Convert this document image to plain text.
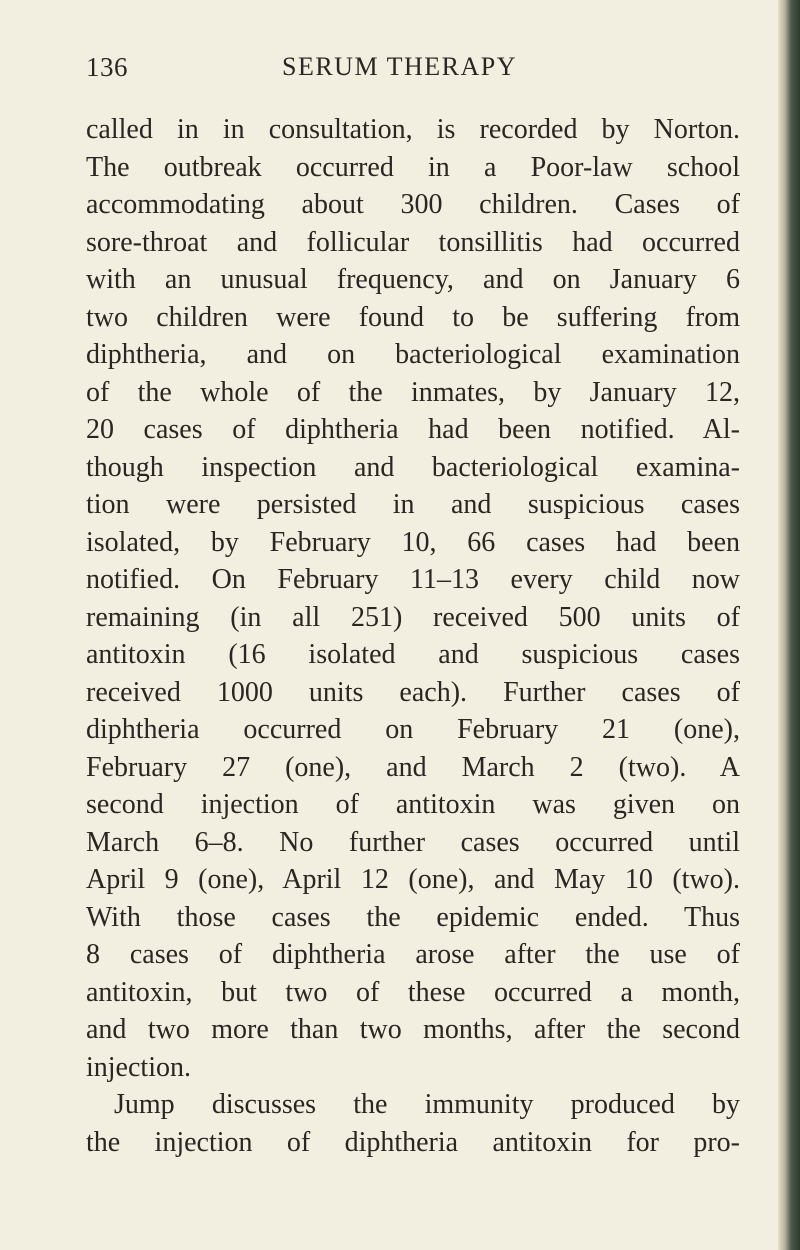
136	SERUM THERAPY
called in in consultation, is recorded by Norton.
The outbreak occurred in a Poor-law school
accommodating about 300 children. Cases of
sore-throat and follicular tonsillitis had occurred
with an unusual frequency, and on January 6
two children were found to be suffering from
diphtheria, and on bacteriological examination
of the whole of the inmates, by January 12,
20 cases of diphtheria had been notified. Al-
though inspection and bacteriological examina-
tion were persisted in and suspicious cases
isolated, by February 10, 66 cases had been
notified. On February 11–13 every child now
remaining (in all 251) received 500 units of
antitoxin (16 isolated and suspicious cases
received 1000 units each). Further cases of
diphtheria occurred on February 21 (one),
February 27 (one), and March 2 (two). A
second injection of antitoxin was given on
March 6–8. No further cases occurred until
April 9 (one), April 12 (one), and May 10 (two).
With those cases the epidemic ended. Thus
8 cases of diphtheria arose after the use of
antitoxin, but two of these occurred a month,
and two more than two months, after the second
injection.
Jump discusses the immunity produced by
the injection of diphtheria antitoxin for pro-
